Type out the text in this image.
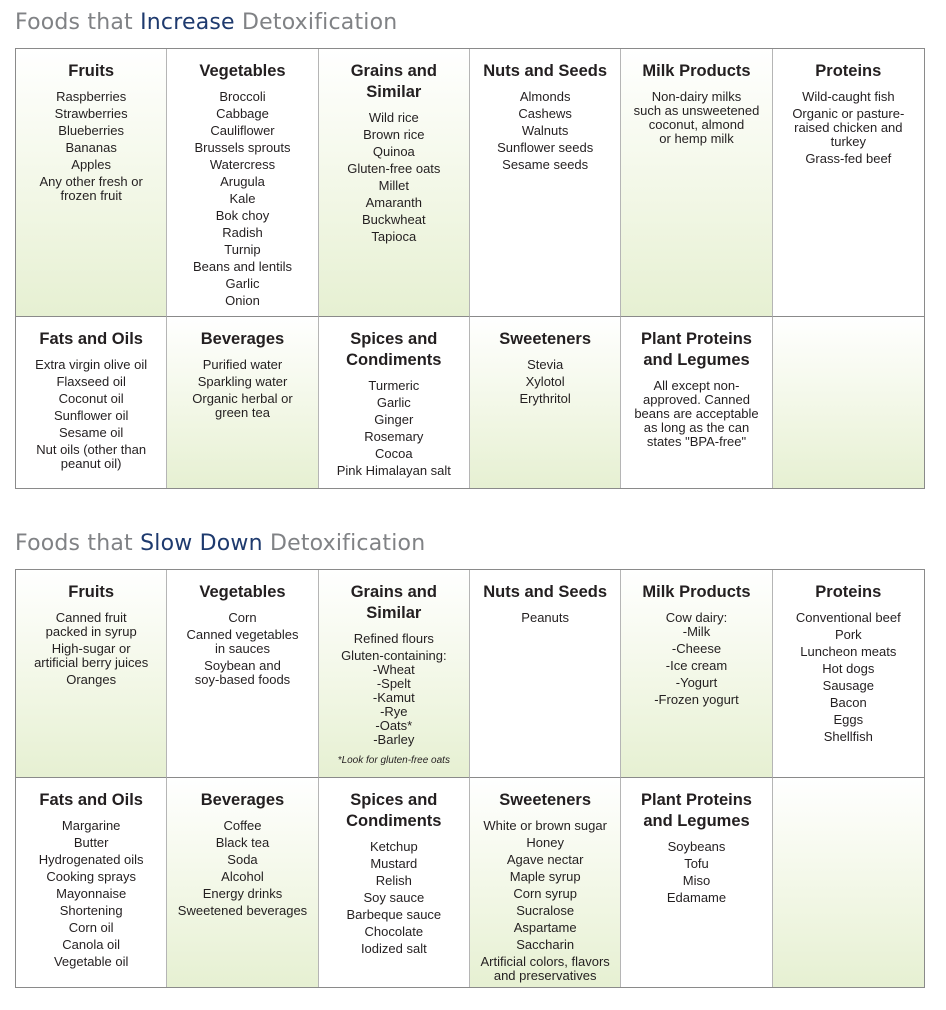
Foods that Increase Detoxification
Fruits
Raspberries
Strawberries
Blueberries
Bananas
Apples
Any other fresh or
frozen fruit
Vegetables
Broccoli
Cabbage
Cauliflower
Brussels sprouts
Watercress
Arugula
Kale
Bok choy
Radish
Turnip
Beans and lentils
Garlic
Onion
Grains and
Similar
Wild rice
Brown rice
Quinoa
Gluten-free oats
Millet
Amaranth
Buckwheat
Tapioca
Nuts and Seeds
Almonds
Cashews
Walnuts
Sunflower seeds
Sesame seeds
Milk Products
Non-dairy milks
such as unsweetened
coconut, almond
or hemp milk
Proteins
Wild-caught fish
Organic or pasture-
raised chicken and
turkey
Grass-fed beef
Fats and Oils
Extra virgin olive oil
Flaxseed oil
Coconut oil
Sunflower oil
Sesame oil
Nut oils (other than
peanut oil)
Beverages
Purified water
Sparkling water
Organic herbal or
green tea
Spices and
Condiments
Turmeric
Garlic
Ginger
Rosemary
Cocoa
Pink Himalayan salt
Sweeteners
Stevia
Xylotol
Erythritol
Plant Proteins
and Legumes
All except non-
approved. Canned
beans are acceptable
as long as the can
states "BPA-free"
Foods that Slow Down Detoxification
Fruits
Canned fruit
packed in syrup
High-sugar or
artificial berry juices
Oranges
Vegetables
Corn
Canned vegetables
in sauces
Soybean and
soy-based foods
Grains and
Similar
Refined flours
Gluten-containing:
-Wheat
-Spelt
-Kamut
-Rye
-Oats*
-Barley
*Look for gluten-free oats
Nuts and Seeds
Peanuts
Milk Products
Cow dairy:
-Milk
-Cheese
-Ice cream
-Yogurt
-Frozen yogurt
Proteins
Conventional beef
Pork
Luncheon meats
Hot dogs
Sausage
Bacon
Eggs
Shellfish
Fats and Oils
Margarine
Butter
Hydrogenated oils
Cooking sprays
Mayonnaise
Shortening
Corn oil
Canola oil
Vegetable oil
Beverages
Coffee
Black tea
Soda
Alcohol
Energy drinks
Sweetened beverages
Spices and
Condiments
Ketchup
Mustard
Relish
Soy sauce
Barbeque sauce
Chocolate
Iodized salt
Sweeteners
White or brown sugar
Honey
Agave nectar
Maple syrup
Corn syrup
Sucralose
Aspartame
Saccharin
Artificial colors, flavors
and preservatives
Plant Proteins
and Legumes
Soybeans
Tofu
Miso
Edamame
